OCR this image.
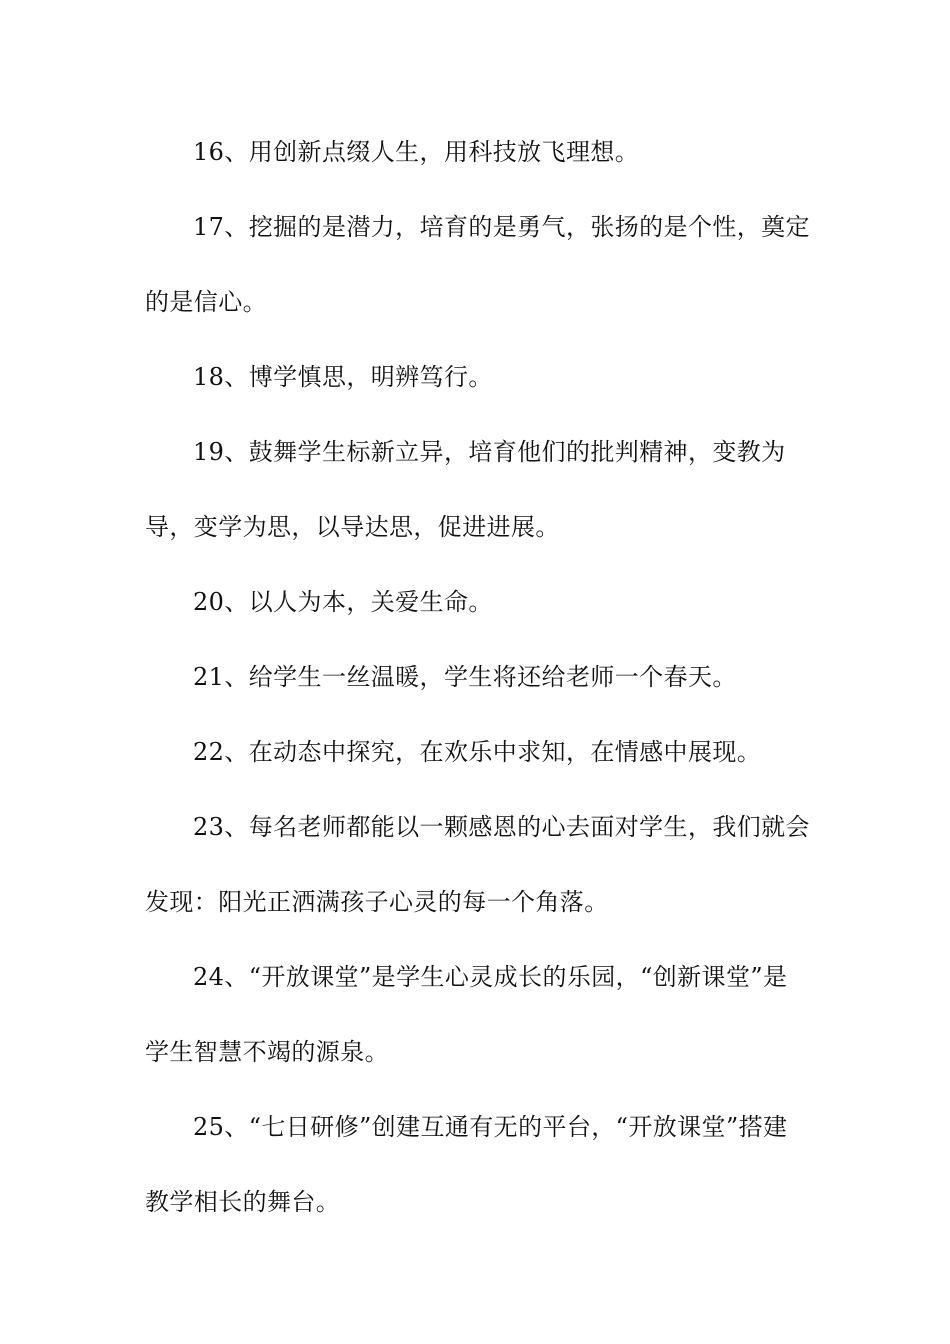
16、用创新点缀人生，用科技放飞理想。

17、挖掘的是潜力，培育的是勇气，张扬的是个性，奠定的是信心。

18、博学慎思，明辨笃行。

19、鼓舞学生标新立异，培育他们的批判精神，变教为导，变学为思，以导达思，促进进展。

20、以人为本，关爱生命。

21、给学生一丝温暖，学生将还给老师一个春天。

22、在动态中探究，在欢乐中求知，在情感中展现。

23、每名老师都能以一颗感恩的心去面对学生，我们就会发现：阳光正洒满孩子心灵的每一个角落。

24、“开放课堂”是学生心灵成长的乐园，“创新课堂”是学生智慧不竭的源泉。

25、“七日研修”创建互通有无的平台，“开放课堂”搭建教学相长的舞台。
